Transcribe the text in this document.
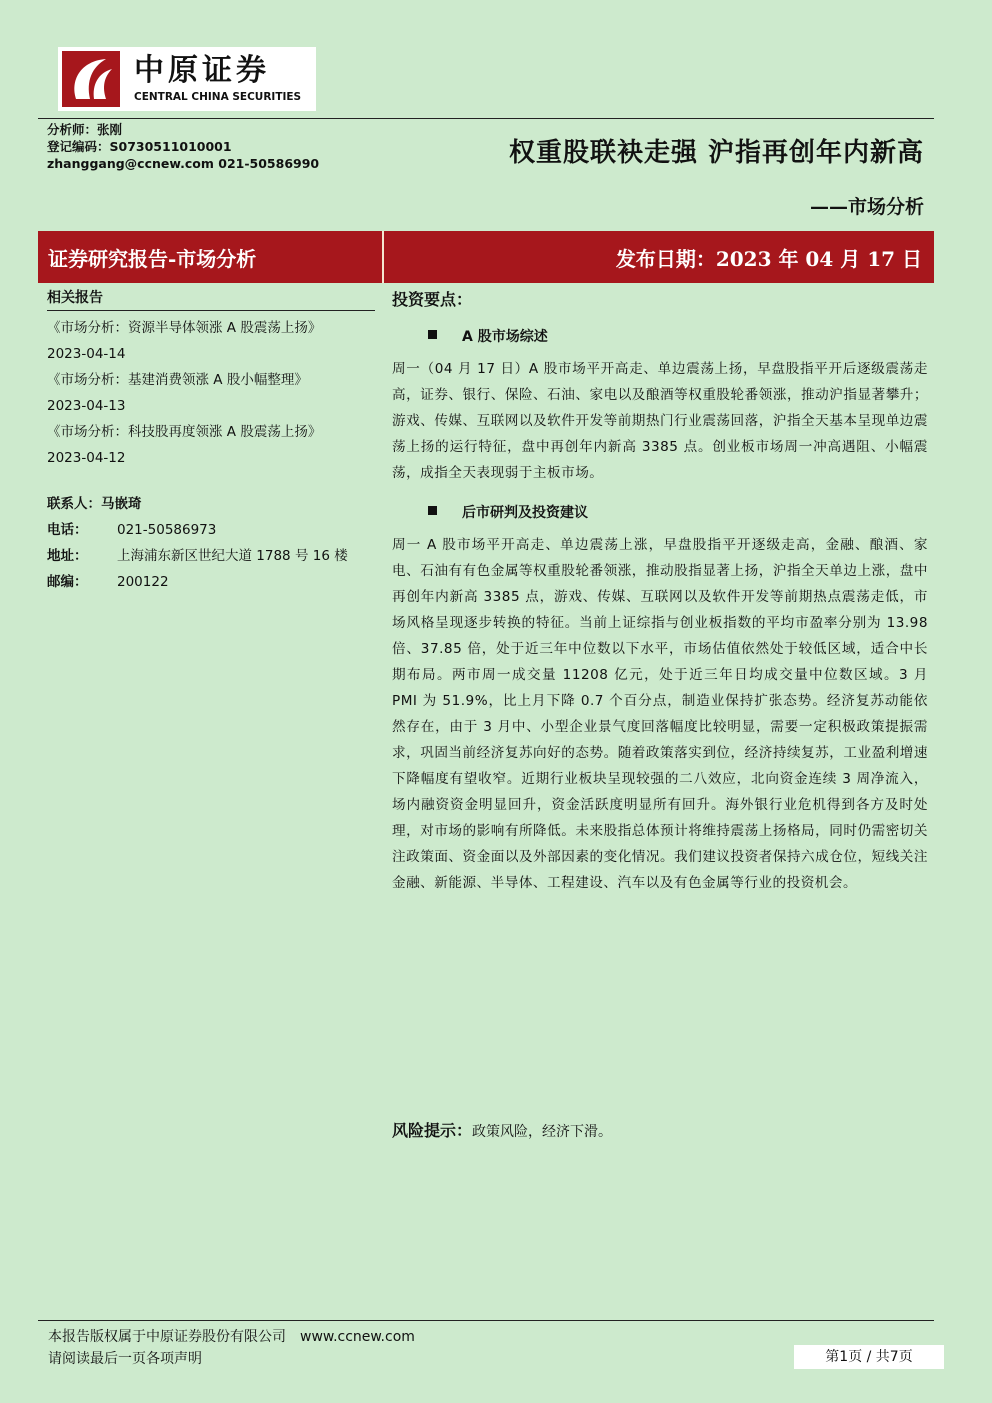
中原证券
CENTRAL CHINA SECURITIES
分析师：张刚
登记编码：S0730511010001
zhanggang@ccnew.com 021-50586990	权重股联袂走强 沪指再创年内新高
——市场分析
证券研究报告-市场分析	发布日期：2023 年 04 月 17 日
相关报告
《市场分析：资源半导体领涨 A 股震荡上扬》
2023-04-14
《市场分析：基建消费领涨 A 股小幅整理》
2023-04-13
《市场分析：科技股再度领涨 A 股震荡上扬》
2023-04-12
联系人：马嵌琦
电话： 021-50586973
地址： 上海浦东新区世纪大道 1788 号 16 楼
邮编： 200122
投资要点：
A 股市场综述

周一（04 月 17 日）A 股市场平开高走、单边震荡上扬，早盘股指平开后逐级震荡走高，证券、银行、保险、石油、家电以及酿酒等权重股轮番领涨，推动沪指显著攀升；游戏、传媒、互联网以及软件开发等前期热门行业震荡回落，沪指全天基本呈现单边震荡上扬的运行特征，盘中再创年内新高 3385 点。创业板市场周一冲高遇阻、小幅震荡，成指全天表现弱于主板市场。

后市研判及投资建议

周一 A 股市场平开高走、单边震荡上涨，早盘股指平开逐级走高，金融、酿酒、家电、石油有有色金属等权重股轮番领涨，推动股指显著上扬，沪指全天单边上涨，盘中再创年内新高 3385 点，游戏、传媒、互联网以及软件开发等前期热点震荡走低，市场风格呈现逐步转换的特征。当前上证综指与创业板指数的平均市盈率分别为 13.98 倍、37.85 倍，处于近三年中位数以下水平，市场估值依然处于较低区域，适合中长期布局。两市周一成交量 11208 亿元，处于近三年日均成交量中位数区域。3 月 PMI 为 51.9%，比上月下降 0.7 个百分点，制造业保持扩张态势。经济复苏动能依然存在，由于 3 月中、小型企业景气度回落幅度比较明显，需要一定积极政策提振需求，巩固当前经济复苏向好的态势。随着政策落实到位，经济持续复苏，工业盈利增速下降幅度有望收窄。近期行业板块呈现较强的二八效应，北向资金连续 3 周净流入，场内融资资金明显回升，资金活跃度明显所有回升。海外银行业危机得到各方及时处理，对市场的影响有所降低。未来股指总体预计将维持震荡上扬格局，同时仍需密切关注政策面、资金面以及外部因素的变化情况。我们建议投资者保持六成仓位，短线关注金融、新能源、半导体、工程建设、汽车以及有色金属等行业的投资机会。

风险提示：政策风险，经济下滑。
本报告版权属于中原证券股份有限公司 www.ccnew.com
请阅读最后一页各项声明	第1页 / 共7页
